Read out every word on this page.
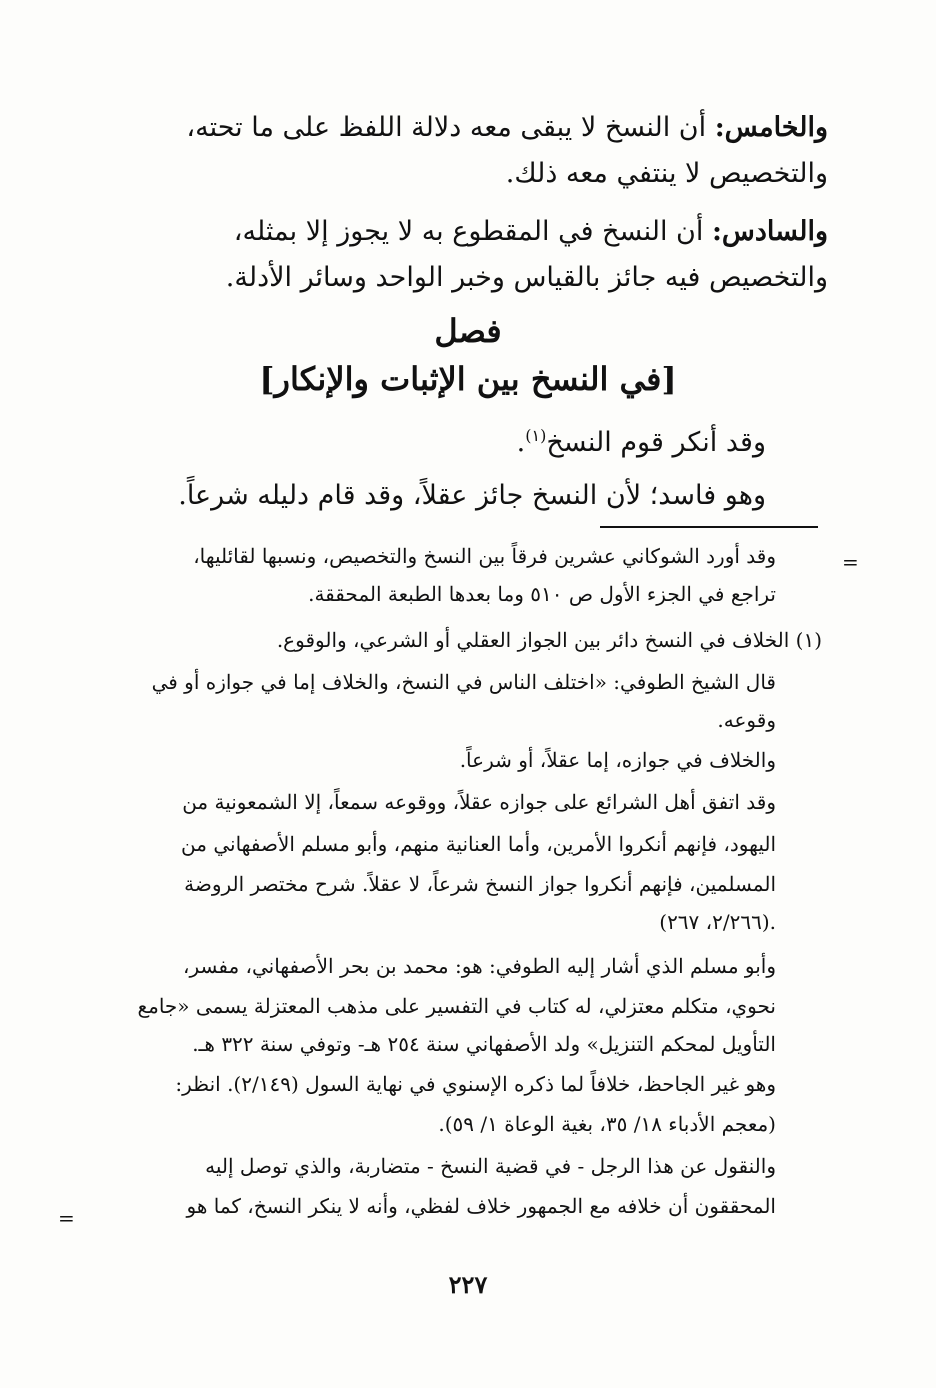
والخامس: أن النسخ لا يبقى معه دلالة اللفظ على ما تحته،
والتخصيص لا ينتفي معه ذلك.
والسادس: أن النسخ في المقطوع به لا يجوز إلا بمثله،
والتخصيص فيه جائز بالقياس وخبر الواحد وسائر الأدلة.
فصل
[في النسخ بين الإثبات والإنكار]
وقد أنكر قوم النسخ$^{(١)}$.
وهو فاسد؛ لأن النسخ جائز عقلاً، وقد قام دليله شرعاً.
وقد أورد الشوكاني عشرين فرقاً بين النسخ والتخصيص، ونسبها لقائليها،
تراجع في الجزء الأول ص ٥١٠ وما بعدها الطبعة المحققة.
=
(١) الخلاف في النسخ دائر بين الجواز العقلي أو الشرعي، والوقوع.
قال الشيخ الطوفي: «اختلف الناس في النسخ، والخلاف إما في جوازه أو في
وقوعه.
والخلاف في جوازه، إما عقلاً، أو شرعاً.
وقد اتفق أهل الشرائع على جوازه عقلاً، ووقوعه سمعاً، إلا الشمعونية من
اليهود، فإنهم أنكروا الأمرين، وأما العنانية منهم، وأبو مسلم الأصفهاني من
المسلمين، فإنهم أنكروا جواز النسخ شرعاً، لا عقلاً. شرح مختصر الروضة
(٢/٢٦٦، ٢٦٧).
وأبو مسلم الذي أشار إليه الطوفي: هو: محمد بن بحر الأصفهاني، مفسر،
نحوي، متكلم معتزلي، له كتاب في التفسير على مذهب المعتزلة يسمى «جامع
التأويل لمحكم التنزيل» ولد الأصفهاني سنة ٢٥٤ هـ- وتوفي سنة ٣٢٢ هـ.
وهو غير الجاحظ، خلافاً لما ذكره الإسنوي في نهاية السول (٢/١٤٩). انظر:
(معجم الأدباء ١٨/ ٣٥، بغية الوعاة ١/ ٥٩).
والنقول عن هذا الرجل - في قضية النسخ - متضاربة، والذي توصل إليه
المحققون أن خلافه مع الجمهور خلاف لفظي، وأنه لا ينكر النسخ، كما هو
=
٢٢٧
